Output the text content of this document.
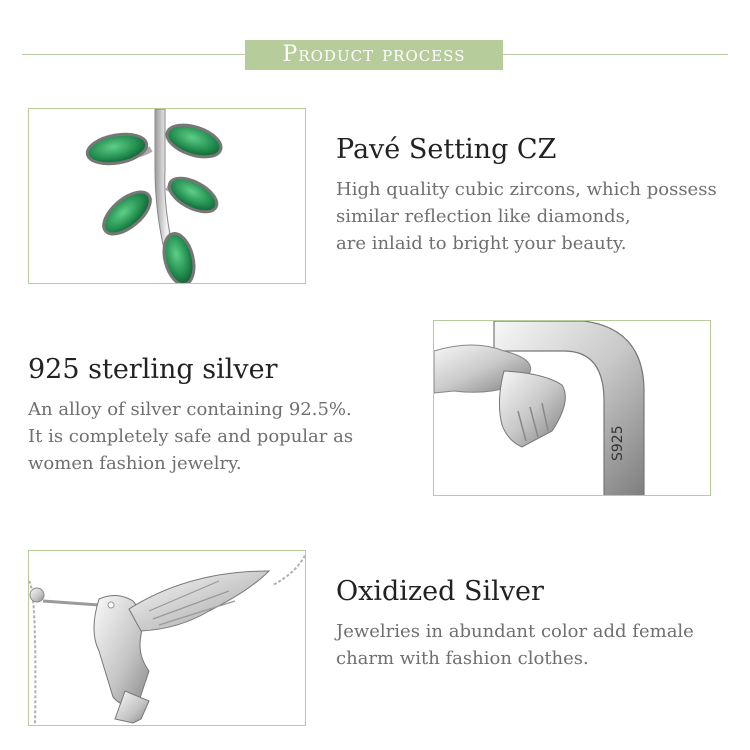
Product process
Pavé Setting CZ
High quality cubic zircons, which possess
similar reflection like diamonds,
are inlaid to bright your beauty.
925 sterling silver
An alloy of silver containing 92.5%.
It is completely safe and popular as
women fashion jewelry.
S925
Oxidized Silver
Jewelries in abundant color add female
charm with fashion clothes.
